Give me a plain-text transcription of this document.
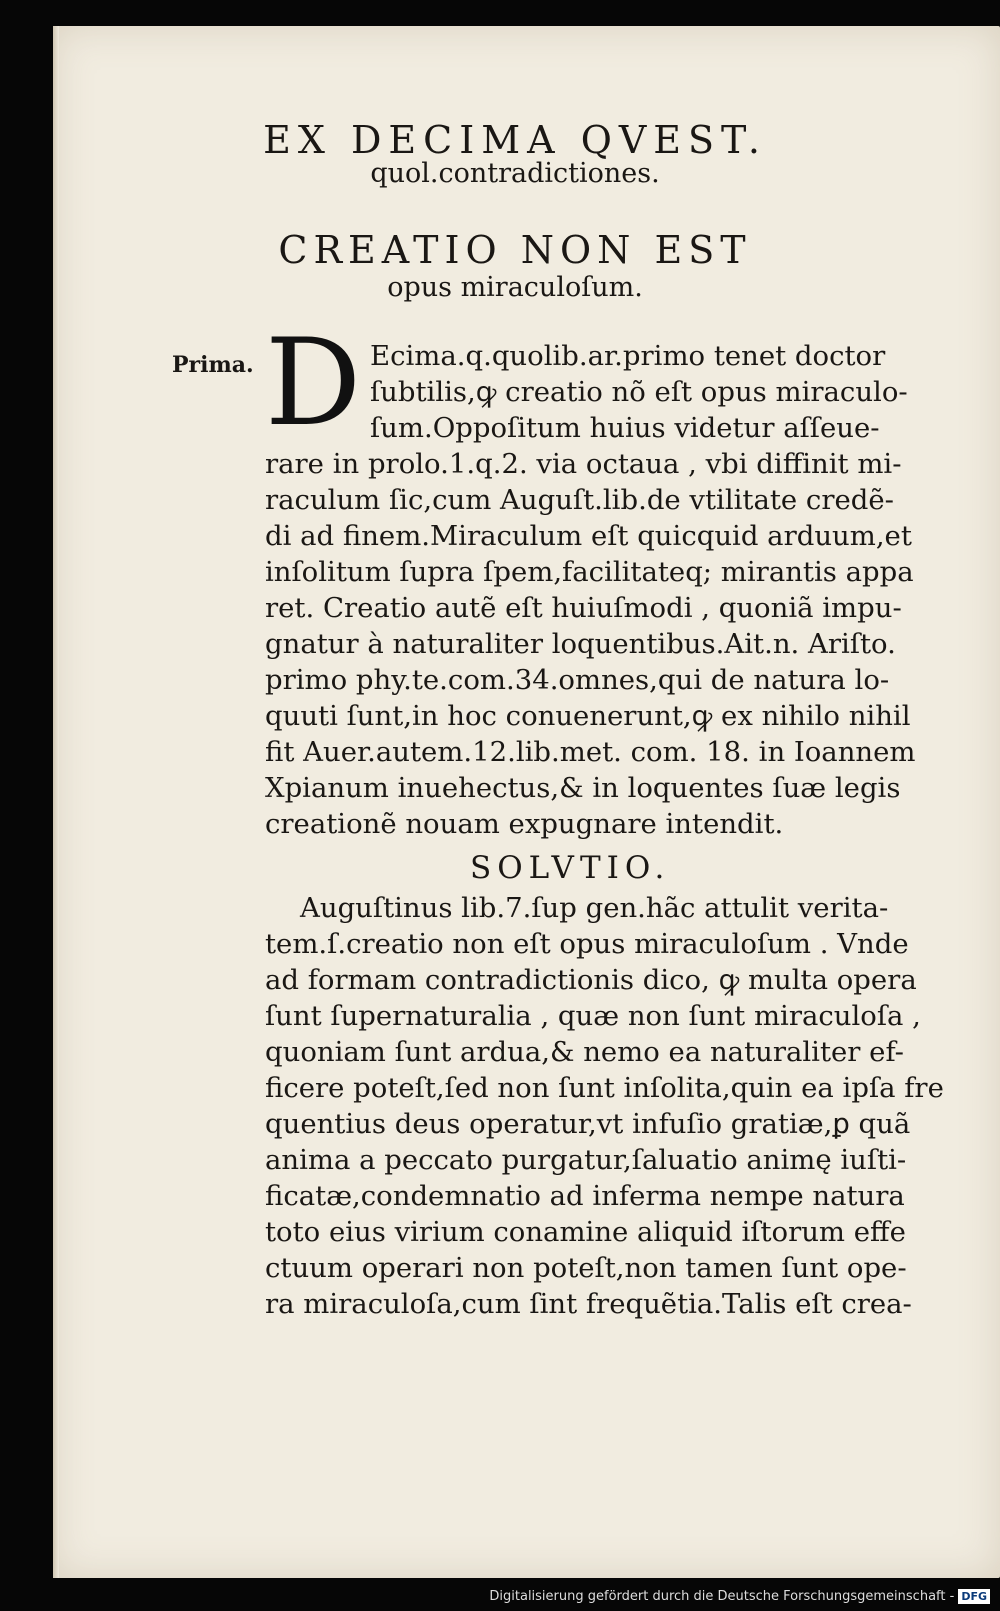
EX DECIMA QVEST.
quol.contradictiones.
CREATIO NON EST
opus miraculoſum.
Prima. D Ecima.q.quolib.ar.primo tenet doctor
ſubtilis,ꝙ creatio nõ eſt opus miraculo-
ſum.Oppoſitum huius videtur aſſeue-
rare in prolo.1.q.2. via octaua , vbi diffinit mi-
raculum ſic,cum Auguſt.lib.de vtilitate credẽ-
di ad finem.Miraculum eſt quicquid arduum,et
inſolitum ſupra ſpem,facilitateq; mirantis appa
ret. Creatio autẽ eſt huiuſmodi , quoniã impu-
gnatur à naturaliter loquentibus.Ait.n. Ariſto.
primo phy.te.com.34.omnes,qui de natura lo-
quuti ſunt,in hoc conuenerunt,ꝙ ex nihilo nihil
fit Auer.autem.12.lib.met. com. 18. in Ioannem
Xpianum inuehectus,& in loquentes ſuæ legis
creationẽ nouam expugnare intendit.
SOLVTIO.
Auguſtinus lib.7.ſup gen.hãc attulit verita-
tem.ſ.creatio non eſt opus miraculoſum . Vnde
ad formam contradictionis dico, ꝙ multa opera
ſunt ſupernaturalia , quæ non ſunt miraculoſa ,
quoniam ſunt ardua,& nemo ea naturaliter ef-
ficere poteſt,ſed non ſunt inſolita,quin ea ipſa fre
quentius deus operatur,vt infuſio gratiæ,ꝑ quã
anima a peccato purgatur,ſaluatio animę iuſti-
ficatæ,condemnatio ad inferma nempe natura
toto eius virium conamine aliquid iſtorum effe
ctuum operari non poteſt,non tamen ſunt ope-
ra miraculoſa,cum ſint frequẽtia.Talis eſt crea-
Digitalisierung gefördert durch die Deutsche Forschungsgemeinschaft - DFG
